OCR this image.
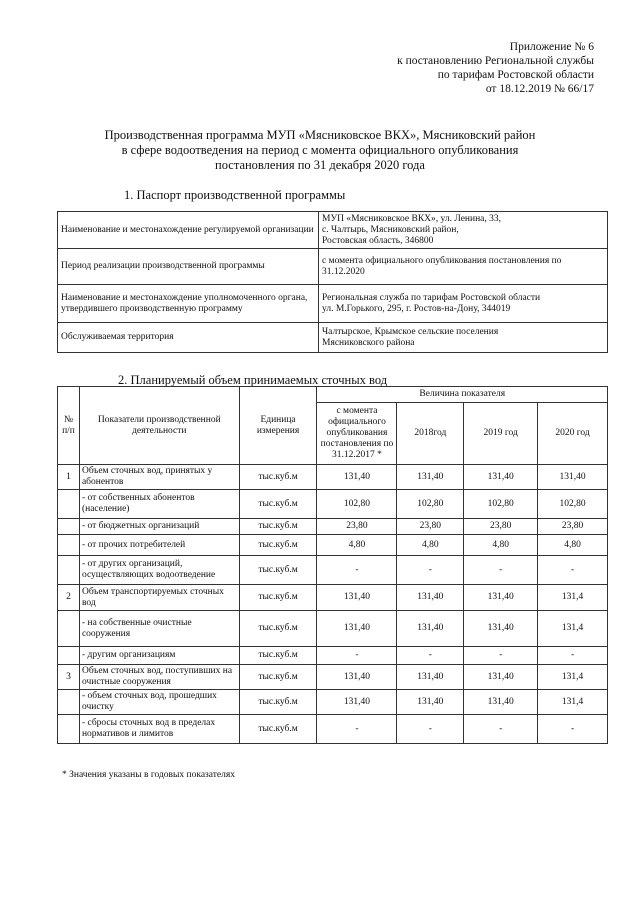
Приложение № 6
к постановлению Региональной службы
по тарифам Ростовской области
от 18.12.2019 № 66/17
Производственная программа МУП «Мясниковское ВКХ», Мясниковский район
в сфере водоотведения на период с момента официального опубликования
постановления по 31 декабря 2020 года
1. Паспорт производственной программы
Наименование и местонахождение регулируемой организации	МУП «Мясниковское ВКХ», ул. Ленина, 33,
с. Чалтырь, Мясниковский район,
Ростовская область, 346800

Период реализации производственной программы	с момента официального опубликования постановления по
31.12.2020

Наименование и местонахождение уполномоченного органа, утвердившего производственную программу	Региональная служба по тарифам Ростовской области
ул. М.Горького, 295, г. Ростов-на-Дону, 344019

Обслуживаемая территория	Чалтырское, Крымское сельские поселения
Мясниковского района
2. Планируемый объем принимаемых сточных вод
№ п/п	Показатели производственной деятельности	Единица измерения	Величина показателя			
			с момента официального опубликования постановления по 31.12.2017 *	2018год	2019 год	2020 год
1	Объем сточных вод, принятых у абонентов	тыс.куб.м	131,40	131,40	131,40	131,40
	- от собственных абонентов (население)	тыс.куб.м	102,80	102,80	102,80	102,80
	- от бюджетных организаций	тыс.куб.м	23,80	23,80	23,80	23,80
	- от прочих потребителей	тыс.куб.м	4,80	4,80	4,80	4,80
	- от других организаций, осуществляющих водоотведение	тыс.куб.м	-	-	-	-
2	Объем транспортируемых сточных вод	тыс.куб.м	131,40	131,40	131,40	131,4
	- на собственные очистные сооружения	тыс.куб.м	131,40	131,40	131,40	131,4
	- другим организациям	тыс.куб.м	-	-	-	-
3	Объем сточных вод, поступивших на очистные сооружения	тыс.куб.м	131,40	131,40	131,40	131,4
	- объем сточных вод, прошедших очистку	тыс.куб.м	131,40	131,40	131,40	131,4
	- сбросы сточных вод в пределах нормативов и лимитов	тыс.куб.м	-	-	-	-
* Значения указаны в годовых показателях
